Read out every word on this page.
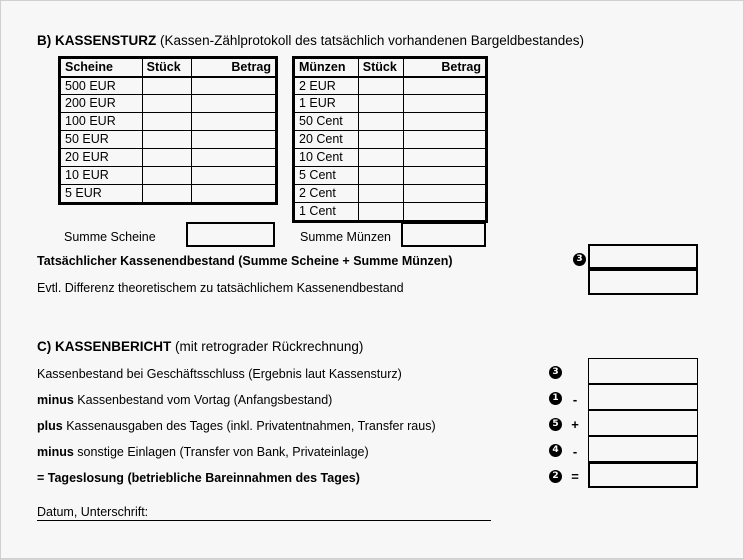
B) KASSENSTURZ (Kassen-Zählprotokoll des tatsächlich vorhandenen Bargeldbestandes)
Scheine	Stück	Betrag
500 EUR		
200 EUR		
100 EUR		
50 EUR		
20 EUR		
10 EUR		
5 EUR		
Münzen	Stück	Betrag
2 EUR		
1 EUR		
50 Cent		
20 Cent		
10 Cent		
5 Cent		
2 Cent		
1 Cent		
Summe Scheine	Summe Münzen
Tatsächlicher Kassenendbestand (Summe Scheine + Summe Münzen)	3
Evtl. Differenz theoretischem zu tatsächlichem Kassenendbestand
C) KASSENBERICHT (mit retrograder Rückrechnung)
Kassenbestand bei Geschäftsschluss (Ergebnis laut Kassensturz)	3
minus Kassenbestand vom Vortag (Anfangsbestand)	1 -
plus Kassenausgaben des Tages (inkl. Privatentnahmen, Transfer raus)	5 +
minus sonstige Einlagen (Transfer von Bank, Privateinlage)	4 -
= Tageslosung (betriebliche Bareinnahmen des Tages)	2 =
Datum, Unterschrift:
